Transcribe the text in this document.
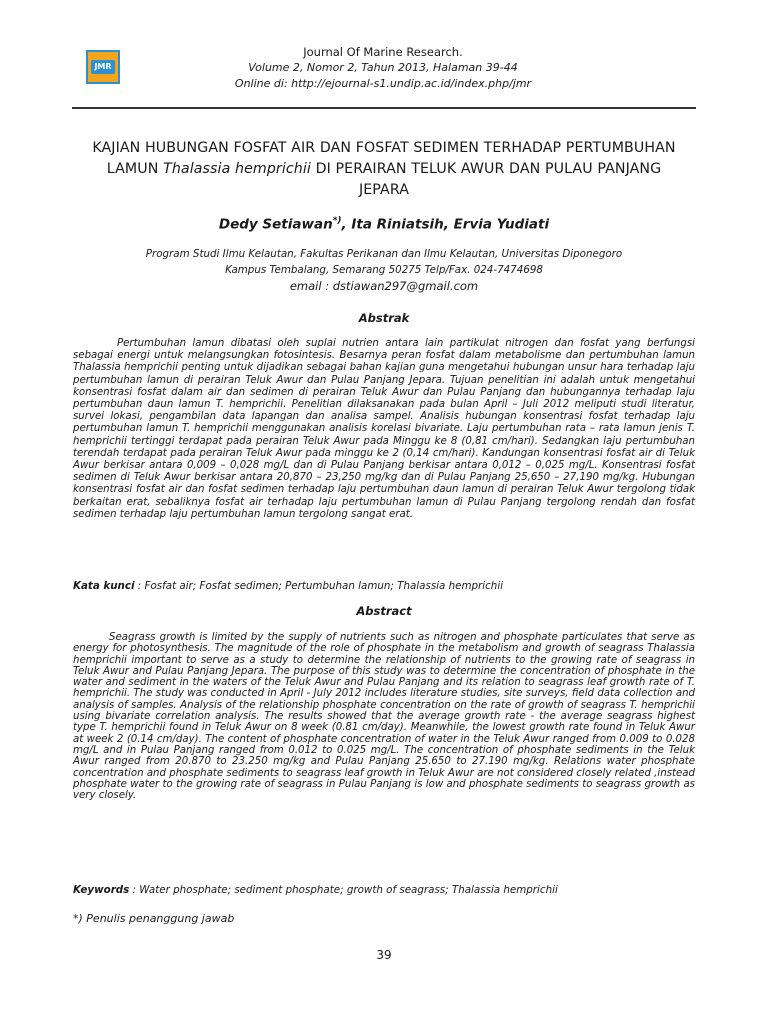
JMR
Journal Of Marine Research.
Volume 2, Nomor 2, Tahun 2013, Halaman 39-44
Online di: http://ejournal-s1.undip.ac.id/index.php/jmr
KAJIAN HUBUNGAN FOSFAT AIR DAN FOSFAT SEDIMEN TERHADAP PERTUMBUHAN LAMUN Thalassia hemprichii DI PERAIRAN TELUK AWUR DAN PULAU PANJANG JEPARA
Dedy Setiawan*), Ita Riniatsih, Ervia Yudiati
Program Studi Ilmu Kelautan, Fakultas Perikanan dan Ilmu Kelautan, Universitas Diponegoro
Kampus Tembalang, Semarang 50275 Telp/Fax. 024-7474698
email : dstiawan297@gmail.com
Abstrak
Pertumbuhan lamun dibatasi oleh suplai nutrien antara lain partikulat nitrogen dan fosfat yang berfungsi sebagai energi untuk melangsungkan fotosintesis. Besarnya peran fosfat dalam metabolisme dan pertumbuhan lamun Thalassia hemprichii penting untuk dijadikan sebagai bahan kajian guna mengetahui hubungan unsur hara terhadap laju pertumbuhan lamun di perairan Teluk Awur dan Pulau Panjang Jepara. Tujuan penelitian ini adalah untuk mengetahui konsentrasi fosfat dalam air dan sedimen di perairan Teluk Awur dan Pulau Panjang dan hubungannya terhadap laju pertumbuhan daun lamun T. hemprichii. Penelitian dilaksanakan pada bulan April – Juli 2012 meliputi studi literatur, survei lokasi, pengambilan data lapangan dan analisa sampel. Analisis hubungan konsentrasi fosfat terhadap laju pertumbuhan lamun T. hemprichii menggunakan analisis korelasi bivariate. Laju pertumbuhan rata – rata lamun jenis T. hemprichii tertinggi terdapat pada perairan Teluk Awur pada Minggu ke 8 (0,81 cm/hari). Sedangkan laju pertumbuhan terendah terdapat pada perairan Teluk Awur pada minggu ke 2 (0,14 cm/hari). Kandungan konsentrasi fosfat air di Teluk Awur berkisar antara 0,009 – 0,028 mg/L dan di Pulau Panjang berkisar antara 0,012 – 0,025 mg/L. Konsentrasi fosfat sedimen di Teluk Awur berkisar antara 20,870 – 23,250 mg/kg dan di Pulau Panjang 25,650 – 27,190 mg/kg. Hubungan konsentrasi fosfat air dan fosfat sedimen terhadap laju pertumbuhan daun lamun di perairan Teluk Awur tergolong tidak berkaitan erat, sebaliknya fosfat air terhadap laju pertumbuhan lamun di Pulau Panjang tergolong rendah dan fosfat sedimen terhadap laju pertumbuhan lamun tergolong sangat erat.
Kata kunci : Fosfat air; Fosfat sedimen; Pertumbuhan lamun; Thalassia hemprichii
Abstract
Seagrass growth is limited by the supply of nutrients such as nitrogen and phosphate particulates that serve as energy for photosynthesis. The magnitude of the role of phosphate in the metabolism and growth of seagrass Thalassia hemprichii important to serve as a study to determine the relationship of nutrients to the growing rate of seagrass in Teluk Awur and Pulau Panjang Jepara. The purpose of this study was to determine the concentration of phosphate in the water and sediment in the waters of the Teluk Awur and Pulau Panjang and its relation to seagrass leaf growth rate of T. hemprichii. The study was conducted in April - July 2012 includes literature studies, site surveys, field data collection and analysis of samples. Analysis of the relationship phosphate concentration on the rate of growth of seagrass T. hemprichii using bivariate correlation analysis. The results showed that the average growth rate - the average seagrass highest type T. hemprichii found in Teluk Awur on 8 week (0.81 cm/day). Meanwhile, the lowest growth rate found in Teluk Awur at week 2 (0.14 cm/day). The content of phosphate concentration of water in the Teluk Awur ranged from 0.009 to 0.028 mg/L and in Pulau Panjang ranged from 0.012 to 0.025 mg/L. The concentration of phosphate sediments in the Teluk Awur ranged from 20.870 to 23.250 mg/kg and Pulau Panjang 25.650 to 27.190 mg/kg. Relations water phosphate concentration and phosphate sediments to seagrass leaf growth in Teluk Awur are not considered closely related ,instead phosphate water to the growing rate of seagrass in Pulau Panjang is low and phosphate sediments to seagrass growth as very closely.
Keywords : Water phosphate; sediment phosphate; growth of seagrass; Thalassia hemprichii
*) Penulis penanggung jawab
39
